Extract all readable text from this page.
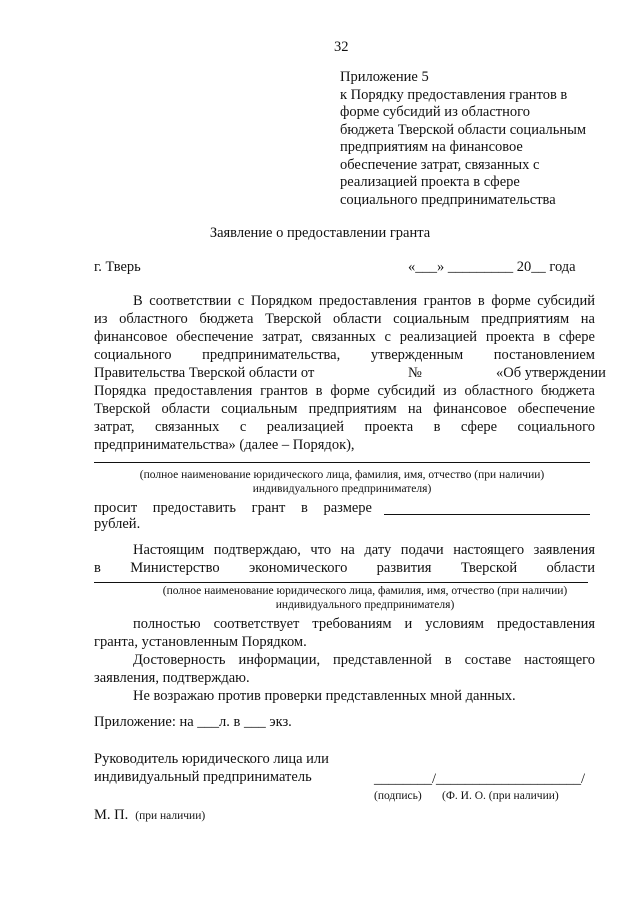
32
Приложение 5
к Порядку предоставления грантов в
форме субсидий из областного
бюджета Тверской области социальным
предприятиям на финансовое
обеспечение затрат, связанных с
реализацией проекта в сфере
социального предпринимательства
Заявление о предоставлении гранта
г. Тверь	«___» _________ 20__ года
В соответствии с Порядком предоставления грантов в форме субсидий
из областного бюджета Тверской области социальным предприятиям на
финансовое обеспечение затрат, связанных с реализацией проекта в сфере
социального предпринимательства, утвержденным постановлением
Правительства Тверской области от	№	«Об утверждении
Порядка предоставления грантов в форме субсидий из областного бюджета
Тверской области социальным предприятиям на финансовое обеспечение
затрат, связанных с реализацией проекта в сфере социального
предпринимательства» (далее – Порядок),
(полное наименование юридического лица, фамилия, имя, отчество (при наличии)
индивидуального предпринимателя)
просит предоставить грант в размере
рублей.
Настоящим подтверждаю, что на дату подачи настоящего заявления
в Министерство экономического развития Тверской области
(полное наименование юридического лица, фамилия, имя, отчество (при наличии)
индивидуального предпринимателя)
полностью соответствует требованиям и условиям предоставления
гранта, установленным Порядком.
Достоверность информации, представленной в составе настоящего
заявления, подтверждаю.
Не возражаю против проверки представленных мной данных.
Приложение: на ___л. в ___ экз.
Руководитель юридического лица или
индивидуальный предприниматель	________/____________________/
(подпись) (Ф. И. О. (при наличии)
М. П. (при наличии)
